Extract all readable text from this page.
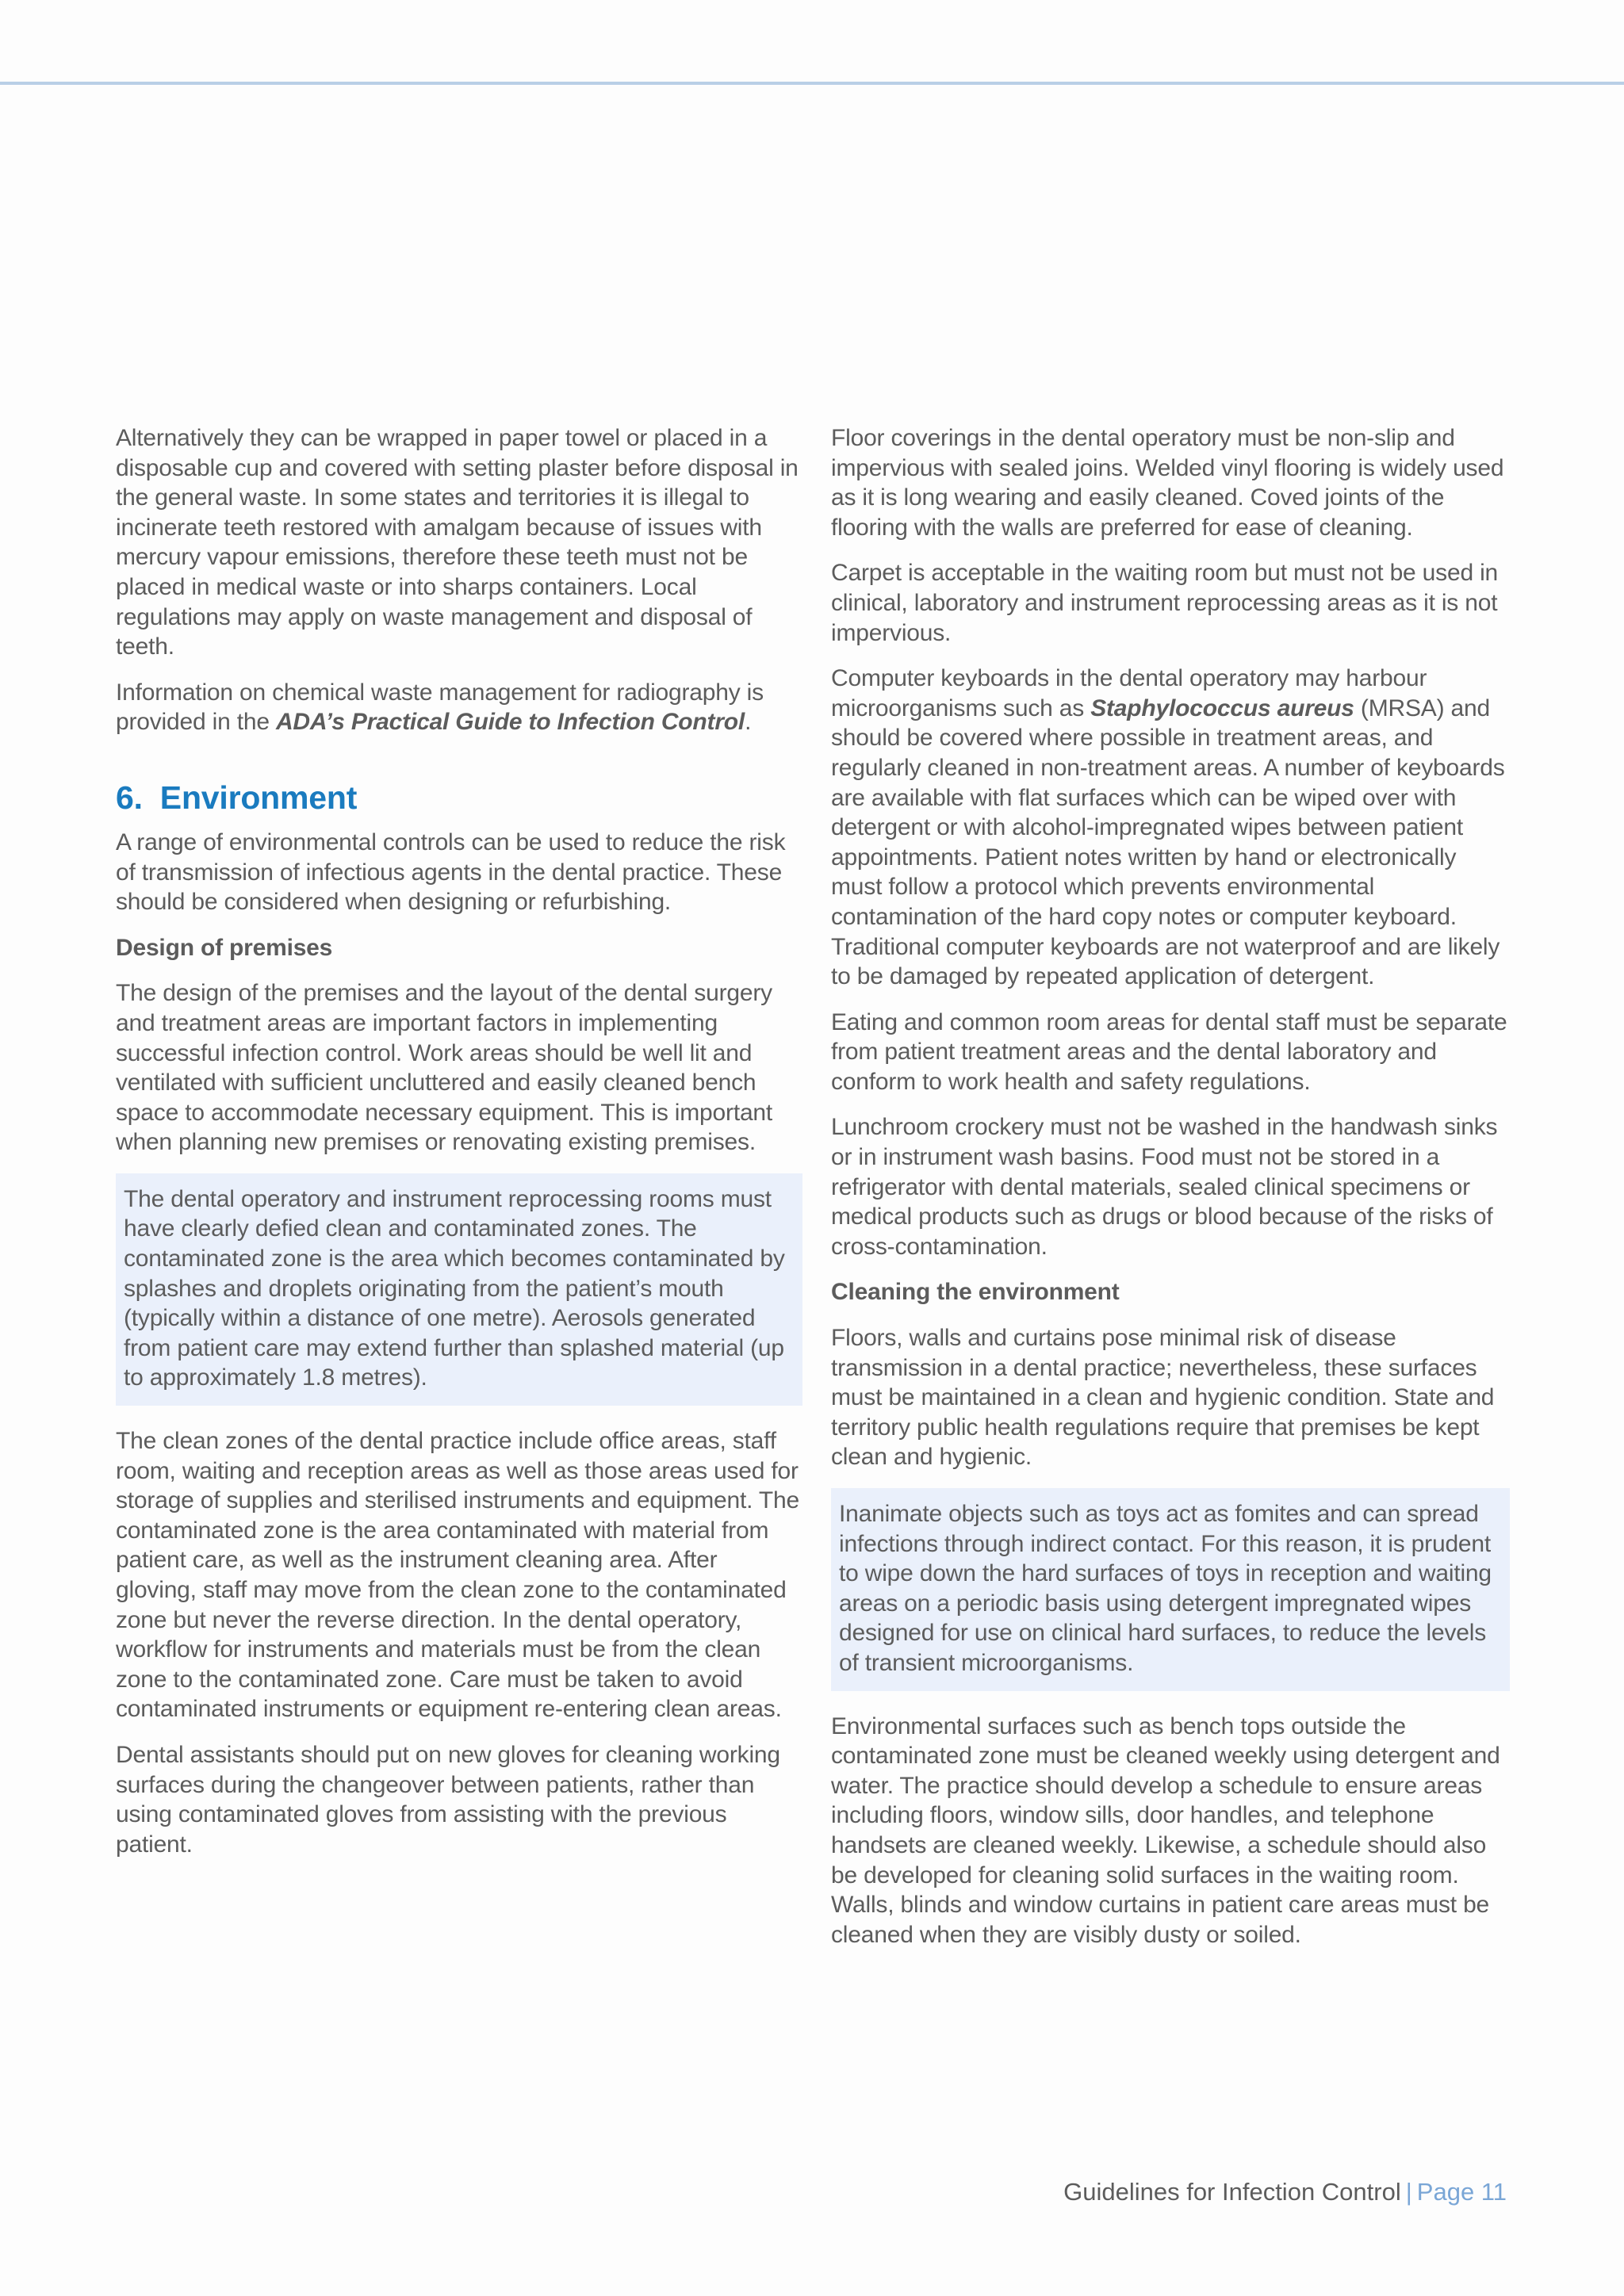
Alternatively they can be wrapped in paper towel or placed in a disposable cup and covered with setting plaster before disposal in the general waste. In some states and territories it is illegal to incinerate teeth restored with amalgam because of issues with mercury vapour emissions, therefore these teeth must not be placed in medical waste or into sharps containers. Local regulations may apply on waste management and disposal of teeth.

Information on chemical waste management for radiography is provided in the ADA’s Practical Guide to Infection Control.

6. Environment

A range of environmental controls can be used to reduce the risk of transmission of infectious agents in the dental practice. These should be considered when designing or refurbishing.

Design of premises

The design of the premises and the layout of the dental surgery and treatment areas are important factors in implementing successful infection control. Work areas should be well lit and ventilated with sufficient uncluttered and easily cleaned bench space to accommodate necessary equipment. This is important when planning new premises or renovating existing premises.

The dental operatory and instrument reprocessing rooms must have clearly defied clean and contaminated zones. The contaminated zone is the area which becomes contaminated by splashes and droplets originating from the patient’s mouth (typically within a distance of one metre). Aerosols generated from patient care may extend further than splashed material (up to approximately 1.8 metres).

The clean zones of the dental practice include office areas, staff room, waiting and reception areas as well as those areas used for storage of supplies and sterilised instruments and equipment. The contaminated zone is the area contaminated with material from patient care, as well as the instrument cleaning area. After gloving, staff may move from the clean zone to the contaminated zone but never the reverse direction. In the dental operatory, workflow for instruments and materials must be from the clean zone to the contaminated zone. Care must be taken to avoid contaminated instruments or equipment re-entering clean areas.

Dental assistants should put on new gloves for cleaning working surfaces during the changeover between patients, rather than using contaminated gloves from assisting with the previous patient.

Floor coverings in the dental operatory must be non-slip and impervious with sealed joins. Welded vinyl flooring is widely used as it is long wearing and easily cleaned. Coved joints of the flooring with the walls are preferred for ease of cleaning.

Carpet is acceptable in the waiting room but must not be used in clinical, laboratory and instrument reprocessing areas as it is not impervious.

Computer keyboards in the dental operatory may harbour microorganisms such as Staphylococcus aureus (MRSA) and should be covered where possible in treatment areas, and regularly cleaned in non-treatment areas. A number of keyboards are available with flat surfaces which can be wiped over with detergent or with alcohol-impregnated wipes between patient appointments. Patient notes written by hand or electronically must follow a protocol which prevents environmental contamination of the hard copy notes or computer keyboard. Traditional computer keyboards are not waterproof and are likely to be damaged by repeated application of detergent.

Eating and common room areas for dental staff must be separate from patient treatment areas and the dental laboratory and conform to work health and safety regulations.

Lunchroom crockery must not be washed in the handwash sinks or in instrument wash basins. Food must not be stored in a refrigerator with dental materials, sealed clinical specimens or medical products such as drugs or blood because of the risks of cross-contamination.

Cleaning the environment

Floors, walls and curtains pose minimal risk of disease transmission in a dental practice; nevertheless, these surfaces must be maintained in a clean and hygienic condition. State and territory public health regulations require that premises be kept clean and hygienic.

Inanimate objects such as toys act as fomites and can spread infections through indirect contact. For this reason, it is prudent to wipe down the hard surfaces of toys in reception and waiting areas on a periodic basis using detergent impregnated wipes designed for use on clinical hard surfaces, to reduce the levels of transient microorganisms.

Environmental surfaces such as bench tops outside the contaminated zone must be cleaned weekly using detergent and water. The practice should develop a schedule to ensure areas including floors, window sills, door handles, and telephone handsets are cleaned weekly. Likewise, a schedule should also be developed for cleaning solid surfaces in the waiting room. Walls, blinds and window curtains in patient care areas must be cleaned when they are visibly dusty or soiled.

Guidelines for Infection Control | Page 11
